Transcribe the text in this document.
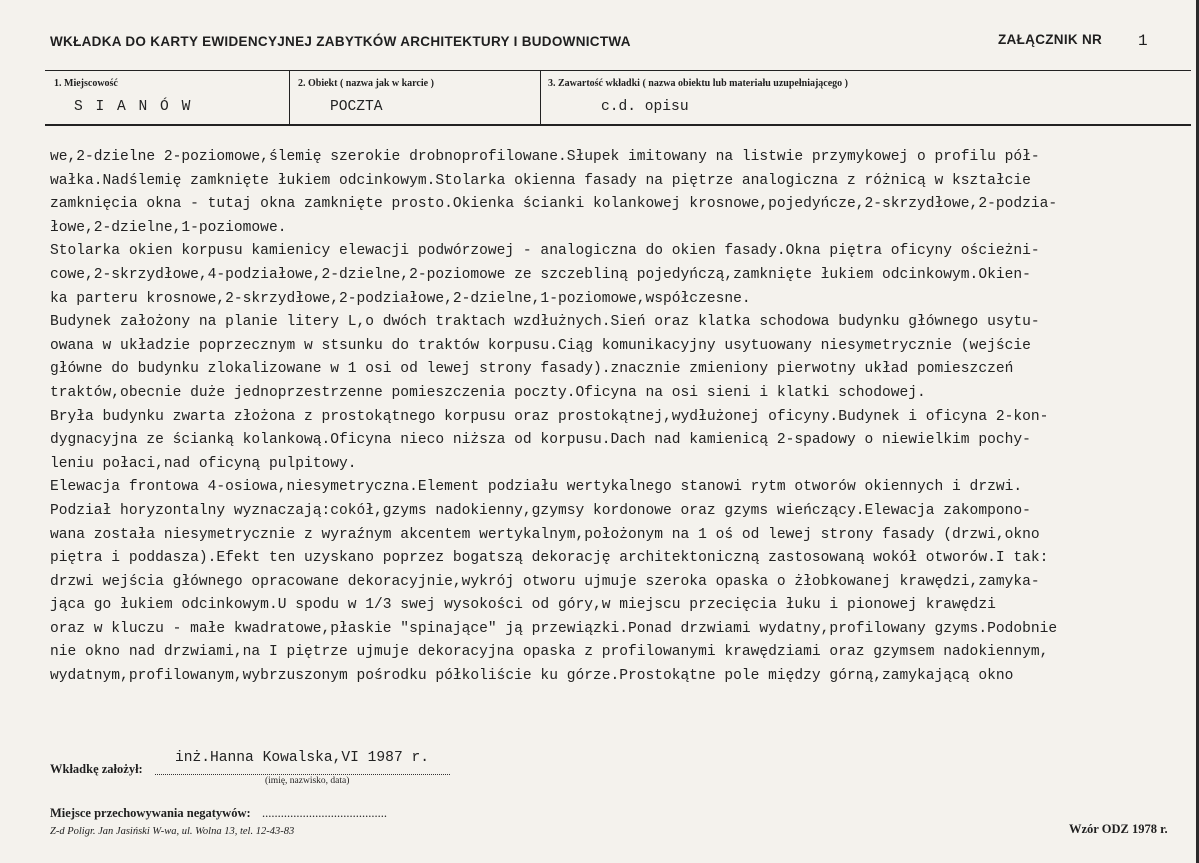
WKŁADKA DO KARTY EWIDENCYJNEJ ZABYTKÓW ARCHITEKTURY I BUDOWNICTWA	ZAŁĄCZNIK NR 1
1. Miejscowość	2. Obiekt ( nazwa jak w karcie )	3. Zawartość wkładki ( nazwa obiektu lub materiału uzupełniającego )
S I A N Ó W	POCZTA	c.d. opisu
we,2-dzielne 2-poziomowe,ślemię szerokie drobnoprofilowane.Słupek imitowany na listwie przymykowej o profilu pół-
wałka.Nadślemię zamknięte łukiem odcinkowym.Stolarka okienna fasady na piętrze analogiczna z różnicą w kształcie
zamknięcia okna - tutaj okna zamknięte prosto.Okienka ścianki kolankowej krosnowe,pojedyńcze,2-skrzydłowe,2-podzia-
łowe,2-dzielne,1-poziomowe.
Stolarka okien korpusu kamienicy elewacji podwórzowej - analogiczna do okien fasady.Okna piętra oficyny ościeżni-
cowe,2-skrzydłowe,4-podziałowe,2-dzielne,2-poziomowe ze szczebliną pojedyńczą,zamknięte łukiem odcinkowym.Okien-
ka parteru krosnowe,2-skrzydłowe,2-podziałowe,2-dzielne,1-poziomowe,współczesne.
Budynek założony na planie litery L,o dwóch traktach wzdłużnych.Sień oraz klatka schodowa budynku głównego usytu-
owana w układzie poprzecznym w stsunku do traktów korpusu.Ciąg komunikacyjny usytuowany niesymetrycznie (wejście
główne do budynku zlokalizowane w 1 osi od lewej strony fasady).znacznie zmieniony pierwotny układ pomieszczeń
traktów,obecnie duże jednoprzestrzenne pomieszczenia poczty.Oficyna na osi sieni i klatki schodowej.
Bryła budynku zwarta złożona z prostokątnego korpusu oraz prostokątnej,wydłużonej oficyny.Budynek i oficyna 2-kon-
dygnacyjna ze ścianką kolankową.Oficyna nieco niższa od korpusu.Dach nad kamienicą 2-spadowy o niewielkim pochy-
leniu połaci,nad oficyną pulpitowy.
Elewacja frontowa 4-osiowa,niesymetryczna.Element podziału wertykalnego stanowi rytm otworów okiennych i drzwi.
Podział horyzontalny wyznaczają:cokół,gzyms nadokienny,gzymsy kordonowe oraz gzyms wieńczący.Elewacja zakompono-
wana została niesymetrycznie z wyraźnym akcentem wertykalnym,położonym na 1 oś od lewej strony fasady (drzwi,okno
piętra i poddasza).Efekt ten uzyskano poprzez bogatszą dekorację architektoniczną zastosowaną wokół otworów.I tak:
drzwi wejścia głównego opracowane dekoracyjnie,wykrój otworu ujmuje szeroka opaska o żłobkowanej krawędzi,zamyka-
jąca go łukiem odcinkowym.U spodu w 1/3 swej wysokości od góry,w miejscu przecięcia łuku i pionowej krawędzi
oraz w kluczu - małe kwadratowe,płaskie "spinające" ją przewiązki.Ponad drzwiami wydatny,profilowany gzyms.Podobnie
nie okno nad drzwiami,na I piętrze ujmuje dekoracyjna opaska z profilowanymi krawędziami oraz gzymsem nadokiennym,
wydatnym,profilowanym,wybrzuszonym pośrodku półkoliście ku górze.Prostokątne pole między górną,zamykającą okno
Wkładkę założył:
inż.Hanna Kowalska,VI 1987 r.
(imię, nazwisko, data)
Miejsce przechowywania negatywów: ........................................
Z-d Poligr. Jan Jasiński W-wa, ul. Wolna 13, tel. 12-43-83	Wzór ODZ 1978 r.
